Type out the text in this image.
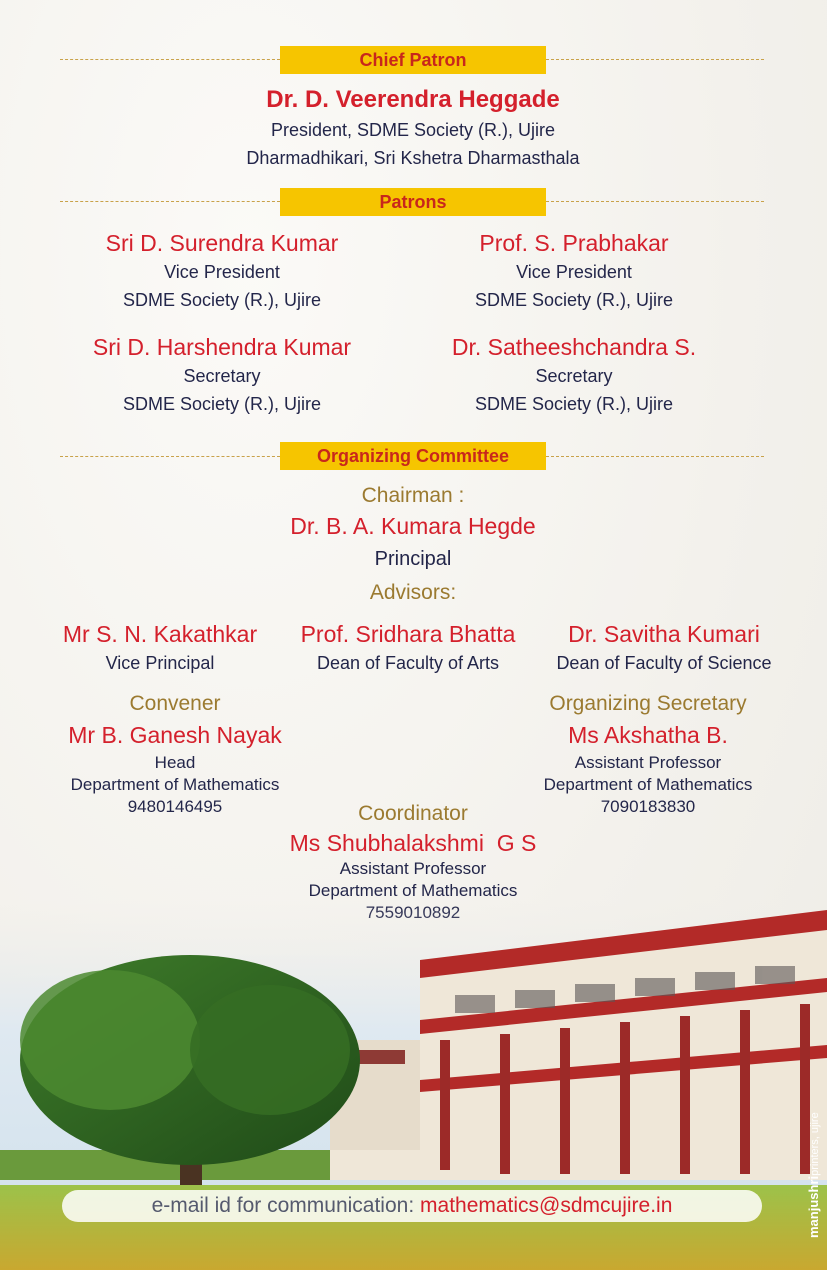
Chief Patron
Dr. D. Veerendra Heggade
President, SDME Society (R.), Ujire
Dharmadhikari, Sri Kshetra Dharmasthala
Patrons
Sri D. Surendra Kumar
Vice President
SDME Society (R.), Ujire
Prof. S. Prabhakar
Vice President
SDME Society (R.), Ujire
Sri D. Harshendra Kumar
Secretary
SDME Society (R.), Ujire
Dr. Satheeshchandra S.
Secretary
SDME Society (R.), Ujire
Organizing Committee
Chairman :
Dr. B. A. Kumara Hegde
Principal
Advisors:
Mr S. N. Kakathkar
Vice Principal
Prof. Sridhara Bhatta
Dean of Faculty of Arts
Dr. Savitha Kumari
Dean of Faculty of Science
Convener
Mr B. Ganesh Nayak
Head
Department of Mathematics
9480146495
Organizing Secretary
Ms Akshatha B.
Assistant Professor
Department of Mathematics
7090183830
Coordinator
Ms Shubhalakshmi  G S
Assistant Professor
Department of Mathematics
e-mail id for communication: mathematics@sdmcujire.in	manjushriprinters, ujire
